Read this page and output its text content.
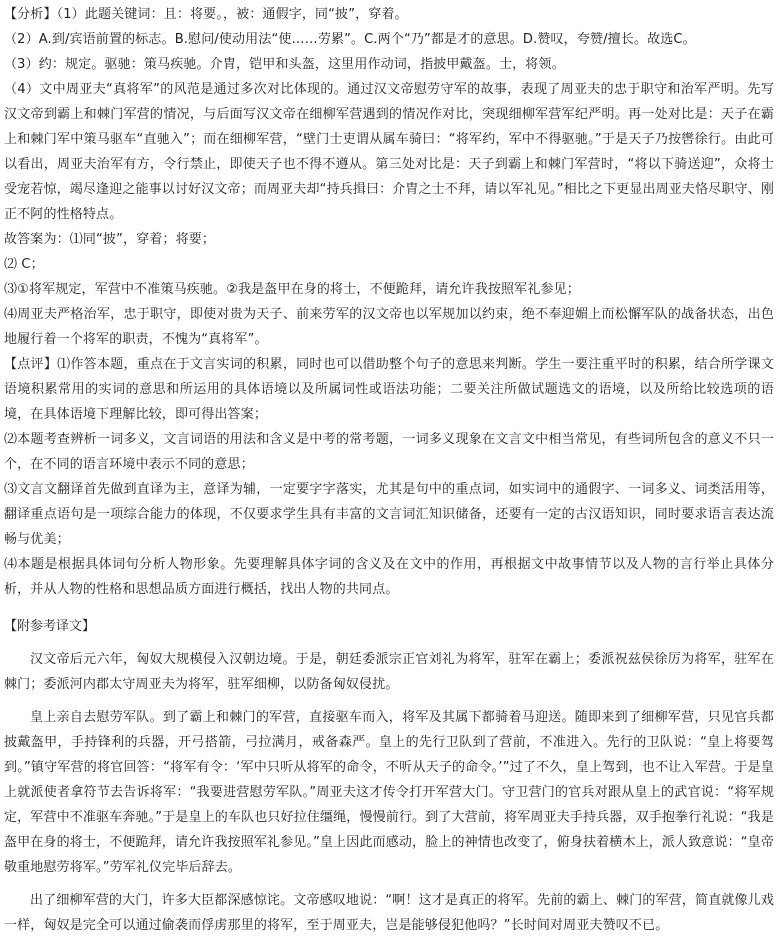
【分析】（1）此题关键词：且：将要。，被：通假字，同“披”，穿着。

（2）A.到/宾语前置的标志。B.慰问/使动用法“使……劳累”。C.两个“乃”都是才的意思。D.赞叹，夸赞/擅长。故选C。

（3）约：规定。驱驰：策马疾驰。介胄，铠甲和头盔，这里用作动词，指披甲戴盔。士，将领。

（4）文中周亚夫“真将军”的风范是通过多次对比体现的。通过汉文帝慰劳守军的故事，表现了周亚夫的忠于职守和治军严明。先写汉文帝到霸上和棘门军营的情况，与后面写汉文帝在细柳军营遇到的情况作对比，突现细柳军营军纪严明。再一处对比是：天子在霸上和棘门军中策马驱车“直驰入”；而在细柳军营，“壁门士吏谓从属车骑曰：“将军约，军中不得驱驰。”于是天子乃按辔徐行。由此可以看出，周亚夫治军有方，令行禁止，即使天子也不得不遵从。第三处对比是：天子到霸上和棘门军营时，“将以下骑送迎”，众将士受宠若惊，竭尽逢迎之能事以讨好汉文帝；而周亚夫却“持兵揖曰：介胄之士不拜，请以军礼见。”相比之下更显出周亚夫恪尽职守、刚正不阿的性格特点。

故答案为：⑴同“披”，穿着；将要；

⑵ C；

⑶①将军规定，军营中不准策马疾驰。②我是盔甲在身的将士，不便跪拜，请允许我按照军礼参见；

⑷周亚夫严格治军，忠于职守，即使对贵为天子、前来劳军的汉文帝也以军规加以约束，绝不奉迎媚上而松懈军队的战备状态，出色地履行着一个将军的职责，不愧为“真将军”。

【点评】⑴作答本题，重点在于文言实词的积累，同时也可以借助整个句子的意思来判断。学生一要注重平时的积累，结合所学课文语境积累常用的实词的意思和所运用的具体语境以及所属词性或语法功能；二要关注所做试题选文的语境，以及所给比较选项的语境，在具体语境下理解比较，即可得出答案；

⑵本题考查辨析一词多义，文言词语的用法和含义是中考的常考题，一词多义现象在文言文中相当常见，有些词所包含的意义不只一个，在不同的语言环境中表示不同的意思；

⑶文言文翻译首先做到直译为主，意译为辅，一定要字字落实，尤其是句中的重点词，如实词中的通假字、一词多义、词类活用等，翻译重点语句是一项综合能力的体现，不仅要求学生具有丰富的文言词汇知识储备，还要有一定的古汉语知识，同时要求语言表达流畅与优美；

⑷本题是根据具体词句分析人物形象。先要理解具体字词的含义及在文中的作用，再根据文中故事情节以及人物的言行举止具体分析，并从人物的性格和思想品质方面进行概括，找出人物的共同点。

【附参考译文】

汉文帝后元六年，匈奴大规模侵入汉朝边境。于是，朝廷委派宗正官刘礼为将军，驻军在霸上；委派祝兹侯徐厉为将军，驻军在棘门；委派河内郡太守周亚夫为将军，驻军细柳，以防备匈奴侵扰。

皇上亲自去慰劳军队。到了霸上和棘门的军营，直接驱车而入，将军及其属下都骑着马迎送。随即来到了细柳军营，只见官兵都披戴盔甲，手持锋利的兵器，开弓搭箭，弓拉满月，戒备森严。皇上的先行卫队到了营前，不准进入。先行的卫队说：“皇上将要驾到。”镇守军营的将官回答：“将军有令：‘军中只听从将军的命令，不听从天子的命令。’”过了不久，皇上驾到，也不让入军营。于是皇上就派使者拿符节去告诉将军：“我要进营慰劳军队。”周亚夫这才传令打开军营大门。守卫营门的官兵对跟从皇上的武官说：“将军规定，军营中不准驱车奔驰。”于是皇上的车队也只好拉住缰绳，慢慢前行。到了大营前，将军周亚夫手持兵器，双手抱拳行礼说：“我是盔甲在身的将士，不便跪拜，请允许我按照军礼参见。”皇上因此而感动，脸上的神情也改变了，俯身扶着横木上，派人致意说：“皇帝敬重地慰劳将军。”劳军礼仪完毕后辞去。

出了细柳军营的大门，许多大臣都深感惊诧。文帝感叹地说：“啊！这才是真正的将军。先前的霸上、棘门的军营，简直就像儿戏一样，匈奴是完全可以通过偷袭而俘虏那里的将军，至于周亚夫，岂是能够侵犯他吗？”长时间对周亚夫赞叹不已。
